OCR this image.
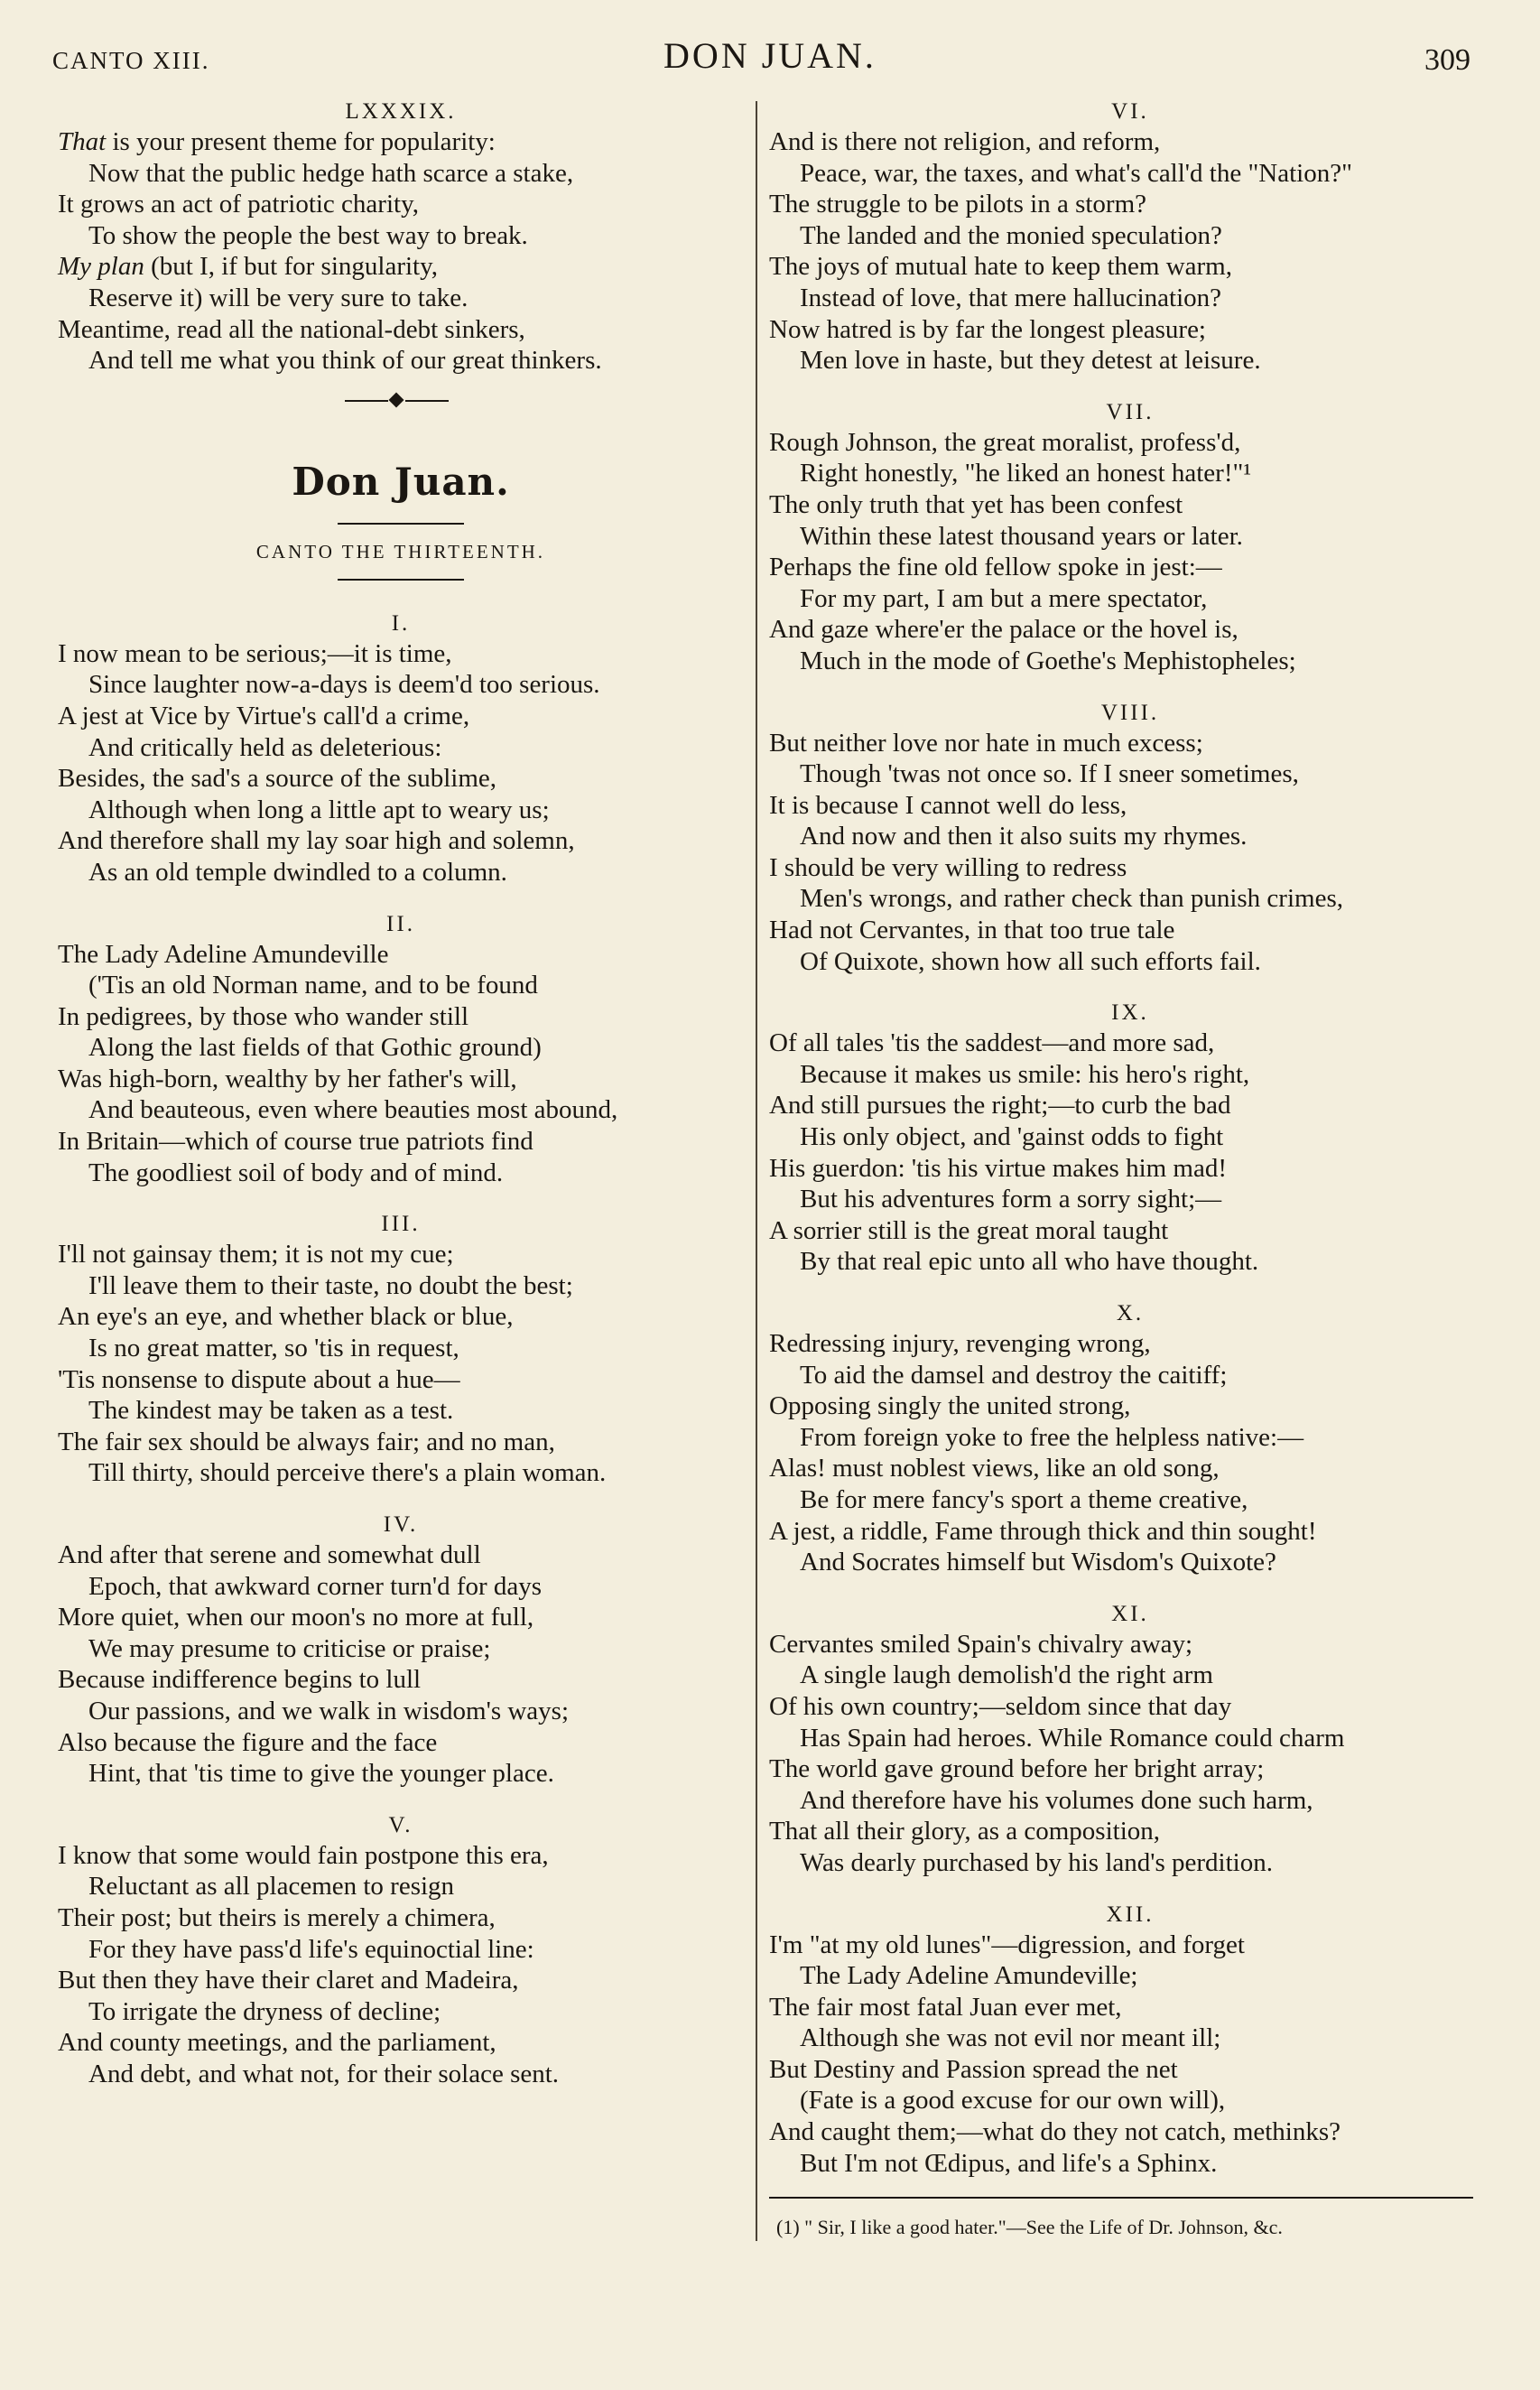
CANTO XIII.	DON JUAN.	309
LXXXIX.
That is your present theme for popularity:
Now that the public hedge hath scarce a stake,
It grows an act of patriotic charity,
To show the people the best way to break.
My plan (but I, if but for singularity,
Reserve it) will be very sure to take.
Meantime, read all the national-debt sinkers,
And tell me what you think of our great thinkers.
Don Juan.
CANTO THE THIRTEENTH.
I.
I now mean to be serious;—it is time,
Since laughter now-a-days is deem'd too serious.
A jest at Vice by Virtue's call'd a crime,
And critically held as deleterious:
Besides, the sad's a source of the sublime,
Although when long a little apt to weary us;
And therefore shall my lay soar high and solemn,
As an old temple dwindled to a column.
II.
The Lady Adeline Amundeville
('Tis an old Norman name, and to be found
In pedigrees, by those who wander still
Along the last fields of that Gothic ground)
Was high-born, wealthy by her father's will,
And beauteous, even where beauties most abound,
In Britain—which of course true patriots find
The goodliest soil of body and of mind.
III.
I'll not gainsay them; it is not my cue;
I'll leave them to their taste, no doubt the best;
An eye's an eye, and whether black or blue,
Is no great matter, so 'tis in request,
'Tis nonsense to dispute about a hue—
The kindest may be taken as a test.
The fair sex should be always fair; and no man,
Till thirty, should perceive there's a plain woman.
IV.
And after that serene and somewhat dull
Epoch, that awkward corner turn'd for days
More quiet, when our moon's no more at full,
We may presume to criticise or praise;
Because indifference begins to lull
Our passions, and we walk in wisdom's ways;
Also because the figure and the face
Hint, that 'tis time to give the younger place.
V.
I know that some would fain postpone this era,
Reluctant as all placemen to resign
Their post; but theirs is merely a chimera,
For they have pass'd life's equinoctial line:
But then they have their claret and Madeira,
To irrigate the dryness of decline;
And county meetings, and the parliament,
And debt, and what not, for their solace sent.
VI.
And is there not religion, and reform,
Peace, war, the taxes, and what's call'd the "Nation?"
The struggle to be pilots in a storm?
The landed and the monied speculation?
The joys of mutual hate to keep them warm,
Instead of love, that mere hallucination?
Now hatred is by far the longest pleasure;
Men love in haste, but they detest at leisure.
VII.
Rough Johnson, the great moralist, profess'd,
Right honestly, "he liked an honest hater!"¹
The only truth that yet has been confest
Within these latest thousand years or later.
Perhaps the fine old fellow spoke in jest:—
For my part, I am but a mere spectator,
And gaze where'er the palace or the hovel is,
Much in the mode of Goethe's Mephistopheles;
VIII.
But neither love nor hate in much excess;
Though 'twas not once so. If I sneer sometimes,
It is because I cannot well do less,
And now and then it also suits my rhymes.
I should be very willing to redress
Men's wrongs, and rather check than punish crimes,
Had not Cervantes, in that too true tale
Of Quixote, shown how all such efforts fail.
IX.
Of all tales 'tis the saddest—and more sad,
Because it makes us smile: his hero's right,
And still pursues the right;—to curb the bad
His only object, and 'gainst odds to fight
His guerdon: 'tis his virtue makes him mad!
But his adventures form a sorry sight;—
A sorrier still is the great moral taught
By that real epic unto all who have thought.
X.
Redressing injury, revenging wrong,
To aid the damsel and destroy the caitiff;
Opposing singly the united strong,
From foreign yoke to free the helpless native:—
Alas! must noblest views, like an old song,
Be for mere fancy's sport a theme creative,
A jest, a riddle, Fame through thick and thin sought!
And Socrates himself but Wisdom's Quixote?
XI.
Cervantes smiled Spain's chivalry away;
A single laugh demolish'd the right arm
Of his own country;—seldom since that day
Has Spain had heroes. While Romance could charm
The world gave ground before her bright array;
And therefore have his volumes done such harm,
That all their glory, as a composition,
Was dearly purchased by his land's perdition.
XII.
I'm "at my old lunes"—digression, and forget
The Lady Adeline Amundeville;
The fair most fatal Juan ever met,
Although she was not evil nor meant ill;
But Destiny and Passion spread the net
(Fate is a good excuse for our own will),
And caught them;—what do they not catch, methinks?
But I'm not Œdipus, and life's a Sphinx.
(1) " Sir, I like a good hater."—See the Life of Dr. Johnson, &c.
